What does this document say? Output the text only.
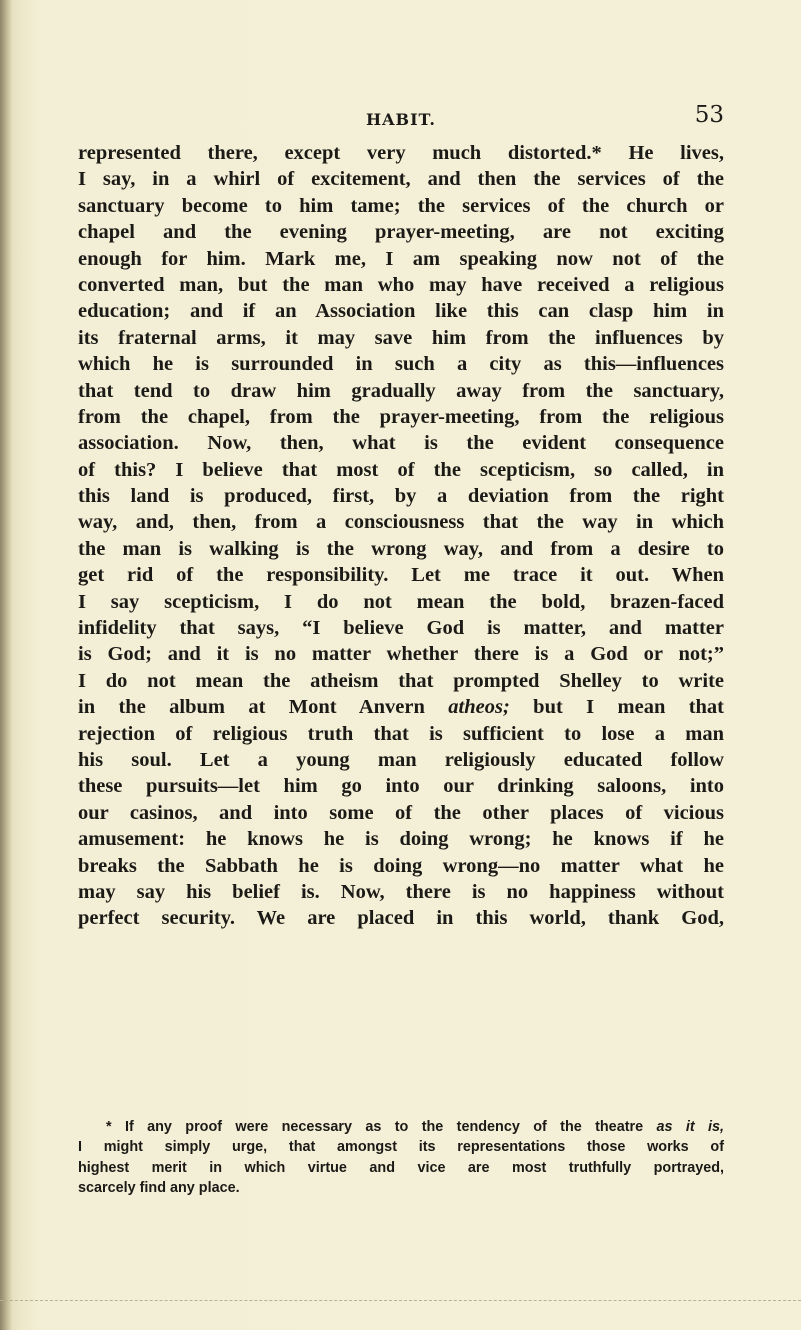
HABIT.	53
represented there, except very much distorted.* He lives,
I say, in a whirl of excitement, and then the services of the
sanctuary become to him tame; the services of the church or
chapel and the evening prayer-meeting, are not exciting
enough for him. Mark me, I am speaking now not of the
converted man, but the man who may have received a religious
education; and if an Association like this can clasp him in
its fraternal arms, it may save him from the influences by
which he is surrounded in such a city as this—influences
that tend to draw him gradually away from the sanctuary,
from the chapel, from the prayer-meeting, from the religious
association. Now, then, what is the evident consequence
of this? I believe that most of the scepticism, so called, in
this land is produced, first, by a deviation from the right
way, and, then, from a consciousness that the way in which
the man is walking is the wrong way, and from a desire to
get rid of the responsibility. Let me trace it out. When
I say scepticism, I do not mean the bold, brazen-faced
infidelity that says, “I believe God is matter, and matter
is God; and it is no matter whether there is a God or not;”
I do not mean the atheism that prompted Shelley to write
in the album at Mont Anvern atheos; but I mean that
rejection of religious truth that is sufficient to lose a man
his soul. Let a young man religiously educated follow
these pursuits—let him go into our drinking saloons, into
our casinos, and into some of the other places of vicious
amusement: he knows he is doing wrong; he knows if he
breaks the Sabbath he is doing wrong—no matter what he
may say his belief is. Now, there is no happiness without
perfect security. We are placed in this world, thank God,
* If any proof were necessary as to the tendency of the theatre as it is,
I might simply urge, that amongst its representations those works of
highest merit in which virtue and vice are most truthfully portrayed,
scarcely find any place.
